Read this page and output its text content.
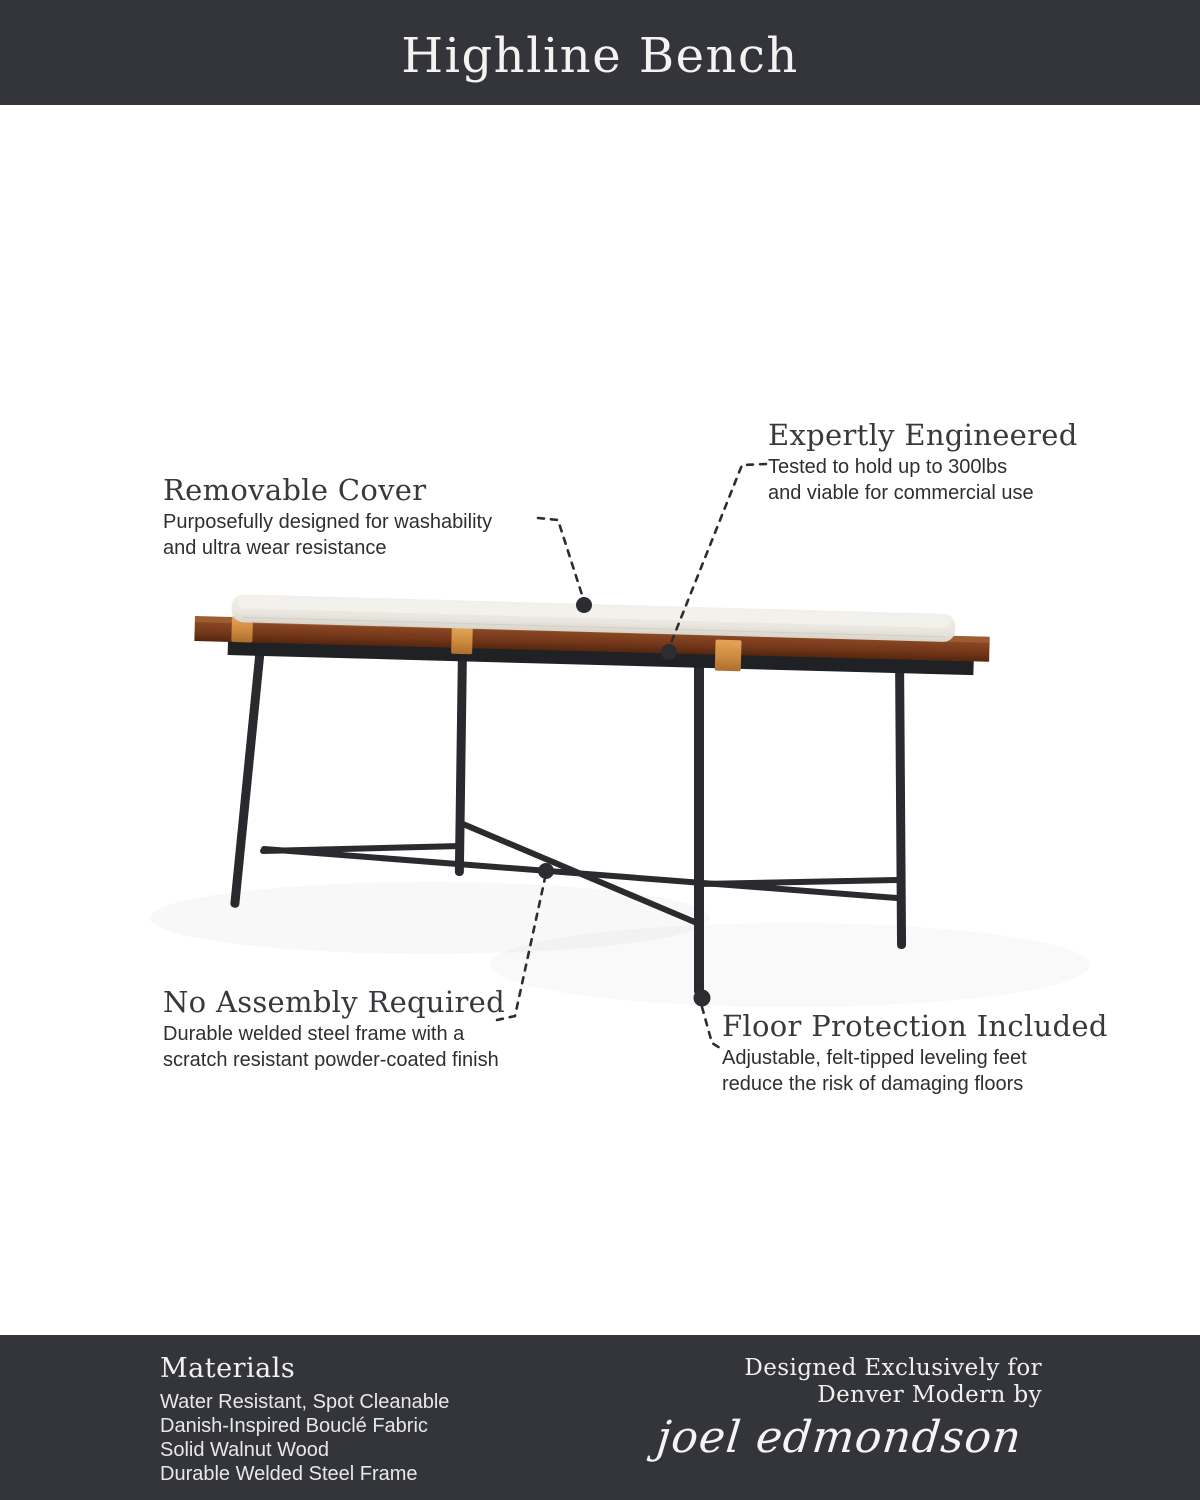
Highline Bench
Removable Cover

Purposefully designed for washability
and ultra wear resistance

Expertly Engineered

Tested to hold up to 300lbs
and viable for commercial use

No Assembly Required

Durable welded steel frame with a
scratch resistant powder-coated finish

Floor Protection Included

Adjustable, felt-tipped leveling feet
reduce the risk of damaging floors

Materials

Water Resistant, Spot Cleanable

Danish-Inspired Bouclé Fabric

Solid Walnut Wood

Durable Welded Steel Frame

Designed Exclusively for

Denver Modern by

joel edmondson
